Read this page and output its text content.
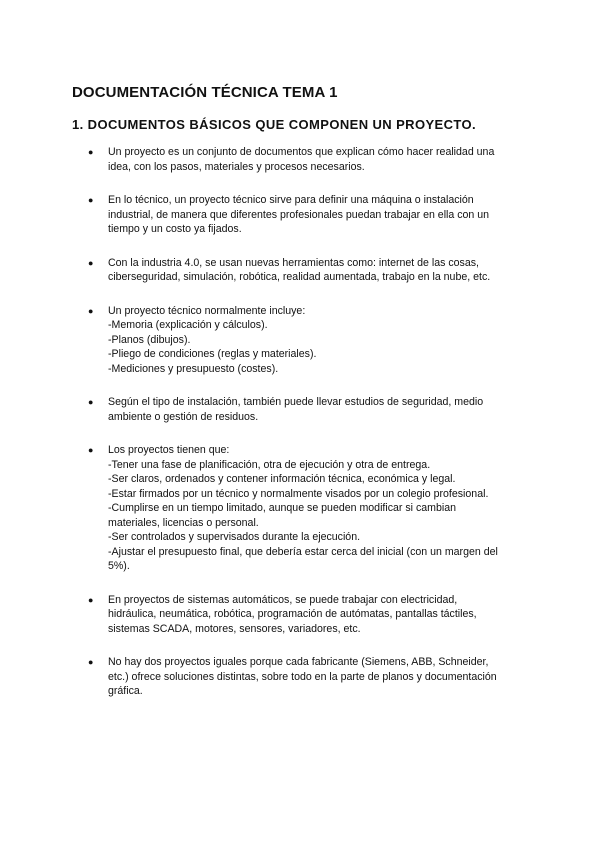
DOCUMENTACIÓN TÉCNICA TEMA 1
1. DOCUMENTOS BÁSICOS QUE COMPONEN UN PROYECTO.
● Un proyecto es un conjunto de documentos que explican cómo hacer realidad una
idea, con los pasos, materiales y procesos necesarios.
● En lo técnico, un proyecto técnico sirve para definir una máquina o instalación
industrial, de manera que diferentes profesionales puedan trabajar en ella con un
tiempo y un costo ya fijados.
● Con la industria 4.0, se usan nuevas herramientas como: internet de las cosas,
ciberseguridad, simulación, robótica, realidad aumentada, trabajo en la nube, etc.
● Un proyecto técnico normalmente incluye:
-Memoria (explicación y cálculos).
-Planos (dibujos).
-Pliego de condiciones (reglas y materiales).
-Mediciones y presupuesto (costes).
● Según el tipo de instalación, también puede llevar estudios de seguridad, medio
ambiente o gestión de residuos.
● Los proyectos tienen que:
-Tener una fase de planificación, otra de ejecución y otra de entrega.
-Ser claros, ordenados y contener información técnica, económica y legal.
-Estar firmados por un técnico y normalmente visados por un colegio profesional.
-Cumplirse en un tiempo limitado, aunque se pueden modificar si cambian
materiales, licencias o personal.
-Ser controlados y supervisados durante la ejecución.
-Ajustar el presupuesto final, que debería estar cerca del inicial (con un margen del
5%).
● En proyectos de sistemas automáticos, se puede trabajar con electricidad,
hidráulica, neumática, robótica, programación de autómatas, pantallas táctiles,
sistemas SCADA, motores, sensores, variadores, etc.
● No hay dos proyectos iguales porque cada fabricante (Siemens, ABB, Schneider,
etc.) ofrece soluciones distintas, sobre todo en la parte de planos y documentación
gráfica.
